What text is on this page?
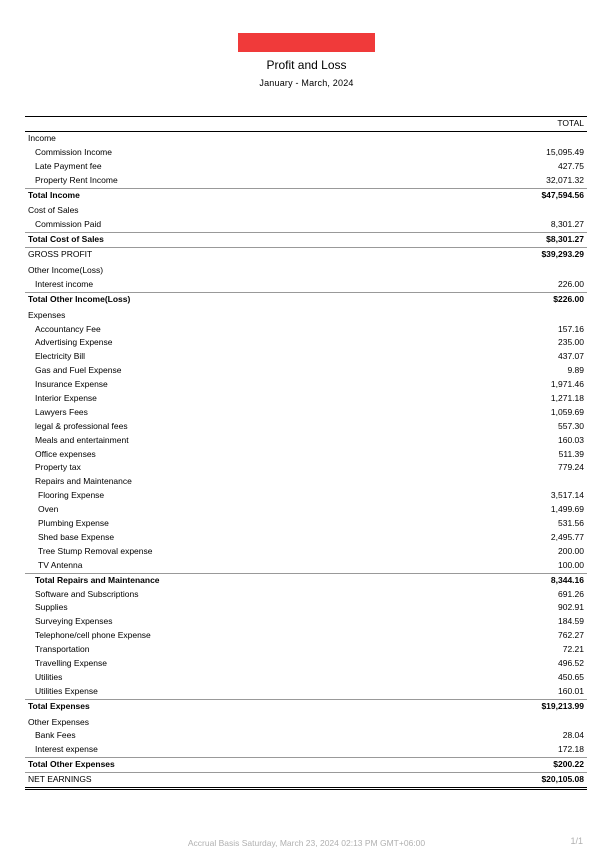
Profit and Loss
January - March, 2024
TOTAL
Income
Commission Income	15,095.49
Late Payment fee	427.75
Property Rent Income	32,071.32
Total Income	$47,594.56
Cost of Sales
Commission Paid	8,301.27
Total Cost of Sales	$8,301.27
GROSS PROFIT	$39,293.29
Other Income(Loss)
Interest income	226.00
Total Other Income(Loss)	$226.00
Expenses
Accountancy Fee	157.16
Advertising Expense	235.00
Electricity Bill	437.07
Gas and Fuel Expense	9.89
Insurance Expense	1,971.46
Interior Expense	1,271.18
Lawyers Fees	1,059.69
legal & professional fees	557.30
Meals and entertainment	160.03
Office expenses	511.39
Property tax	779.24
Repairs and Maintenance
Flooring Expense	3,517.14
Oven	1,499.69
Plumbing Expense	531.56
Shed base Expense	2,495.77
Tree Stump Removal expense	200.00
TV Antenna	100.00
Total Repairs and Maintenance	8,344.16
Software and Subscriptions	691.26
Supplies	902.91
Surveying Expenses	184.59
Telephone/cell phone Expense	762.27
Transportation	72.21
Travelling Expense	496.52
Utilities	450.65
Utilities Expense	160.01
Total Expenses	$19,213.99
Other Expenses
Bank Fees	28.04
Interest expense	172.18
Total Other Expenses	$200.22
NET EARNINGS	$20,105.08
Accrual Basis Saturday, March 23, 2024 02:13 PM GMT+06:00	1/1
